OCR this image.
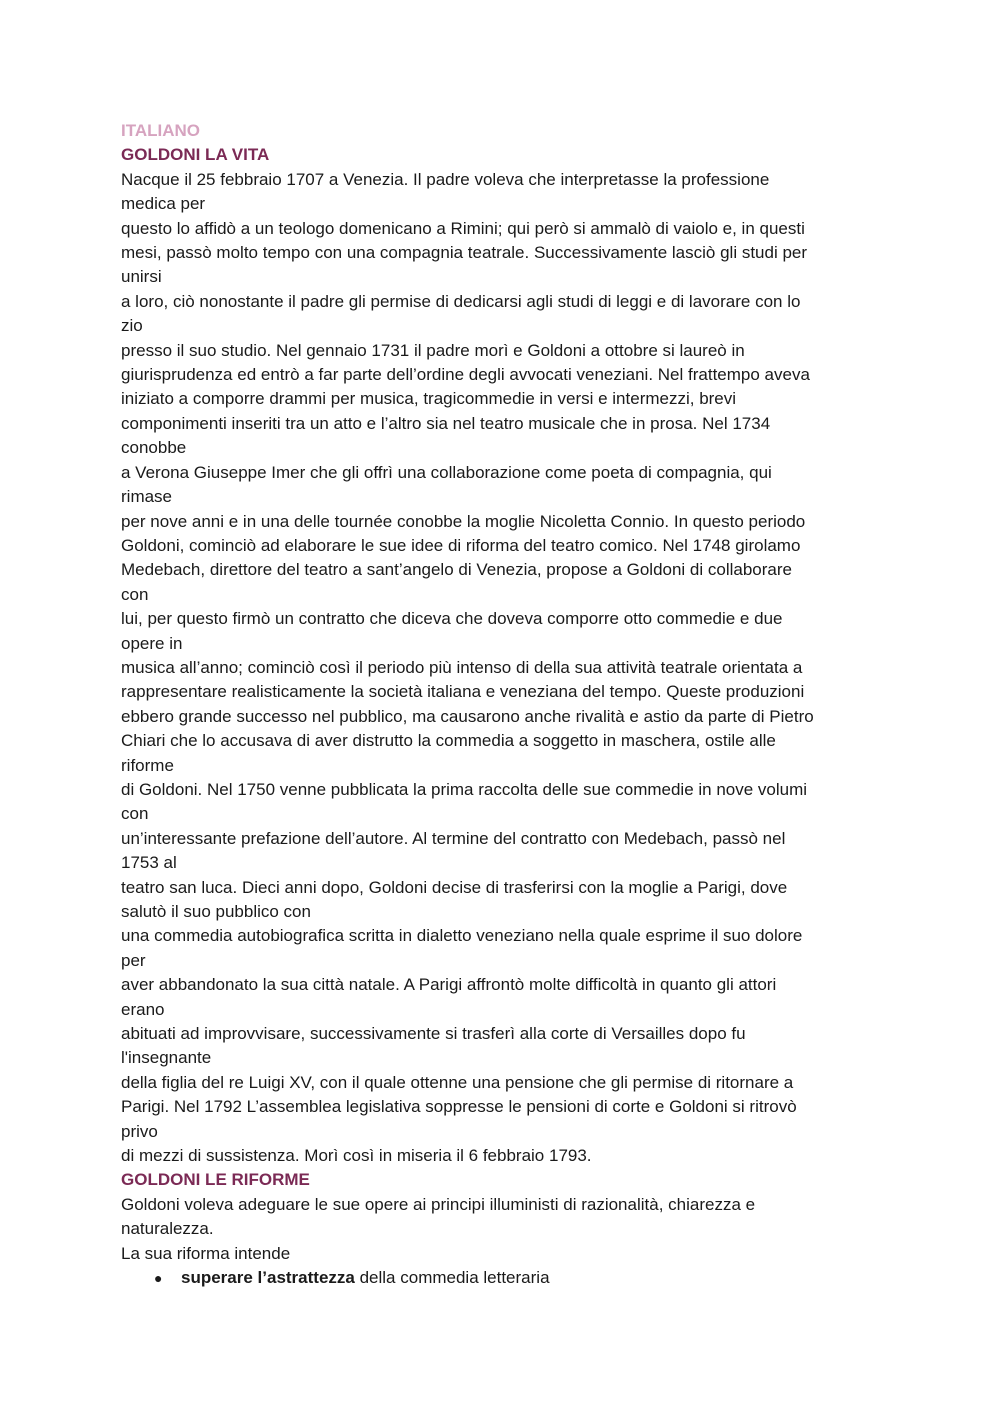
ITALIANO
GOLDONI LA VITA
Nacque il 25 febbraio 1707 a Venezia. Il padre voleva che interpretasse la professione
medica per
questo lo affidò a un teologo domenicano a Rimini; qui però si ammalò di vaiolo e, in questi
mesi, passò molto tempo con una compagnia teatrale. Successivamente lasciò gli studi per
unirsi
a loro, ciò nonostante il padre gli permise di dedicarsi agli studi di leggi e di lavorare con lo
zio
presso il suo studio. Nel gennaio 1731 il padre morì e Goldoni a ottobre si laureò in
giurisprudenza ed entrò a far parte dell’ordine degli avvocati veneziani. Nel frattempo aveva
iniziato a comporre drammi per musica, tragicommedie in versi e intermezzi, brevi
componimenti inseriti tra un atto e l’altro sia nel teatro musicale che in prosa. Nel 1734
conobbe
a Verona Giuseppe Imer che gli offrì una collaborazione come poeta di compagnia, qui
rimase
per nove anni e in una delle tournée conobbe la moglie Nicoletta Connio. In questo periodo
Goldoni, cominciò ad elaborare le sue idee di riforma del teatro comico. Nel 1748 girolamo
Medebach, direttore del teatro a sant’angelo di Venezia, propose a Goldoni di collaborare
con
lui, per questo firmò un contratto che diceva che doveva comporre otto commedie e due
opere in
musica all’anno; cominciò così il periodo più intenso di della sua attività teatrale orientata a
rappresentare realisticamente la società italiana e veneziana del tempo. Queste produzioni
ebbero grande successo nel pubblico, ma causarono anche rivalità e astio da parte di Pietro
Chiari che lo accusava di aver distrutto la commedia a soggetto in maschera, ostile alle
riforme
di Goldoni. Nel 1750 venne pubblicata la prima raccolta delle sue commedie in nove volumi
con
un’interessante prefazione dell’autore. Al termine del contratto con Medebach, passò nel
1753 al
teatro san luca. Dieci anni dopo, Goldoni decise di trasferirsi con la moglie a Parigi, dove
salutò il suo pubblico con
una commedia autobiografica scritta in dialetto veneziano nella quale esprime il suo dolore
per
aver abbandonato la sua città natale. A Parigi affrontò molte difficoltà in quanto gli attori
erano
abituati ad improvvisare, successivamente si trasferì alla corte di Versailles dopo fu
l'insegnante
della figlia del re Luigi XV, con il quale ottenne una pensione che gli permise di ritornare a
Parigi. Nel 1792 L’assemblea legislativa soppresse le pensioni di corte e Goldoni si ritrovò
privo
di mezzi di sussistenza. Morì così in miseria il 6 febbraio 1793.
GOLDONI LE RIFORME
Goldoni voleva adeguare le sue opere ai principi illuministi di razionalità, chiarezza e
naturalezza.
La sua riforma intende
● superare l’astrattezza della commedia letteraria
